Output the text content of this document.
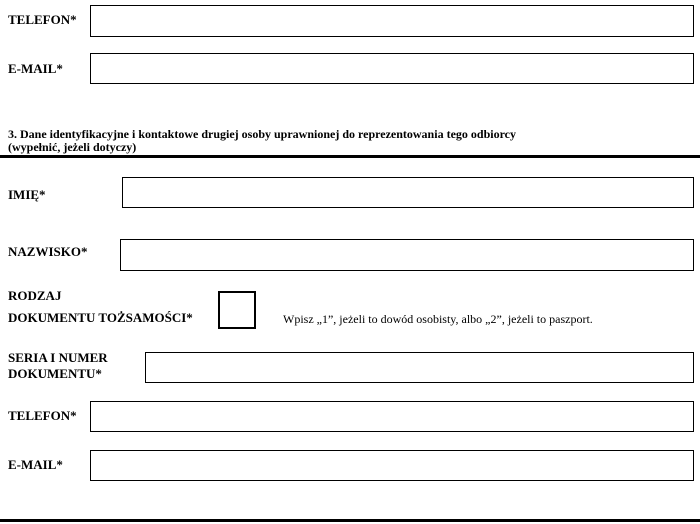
TELEFON*
E-MAIL*
3. Dane identyfikacyjne i kontaktowe drugiej osoby uprawnionej do reprezentowania tego odbiorcy
(wypełnić, jeżeli dotyczy)
IMIĘ*
NAZWISKO*
RODZAJ
DOKUMENTU TOŻSAMOŚCI*	Wpisz „1”, jeżeli to dowód osobisty, albo „2”, jeżeli to paszport.
SERIA I NUMER
DOKUMENTU*
TELEFON*
E-MAIL*
